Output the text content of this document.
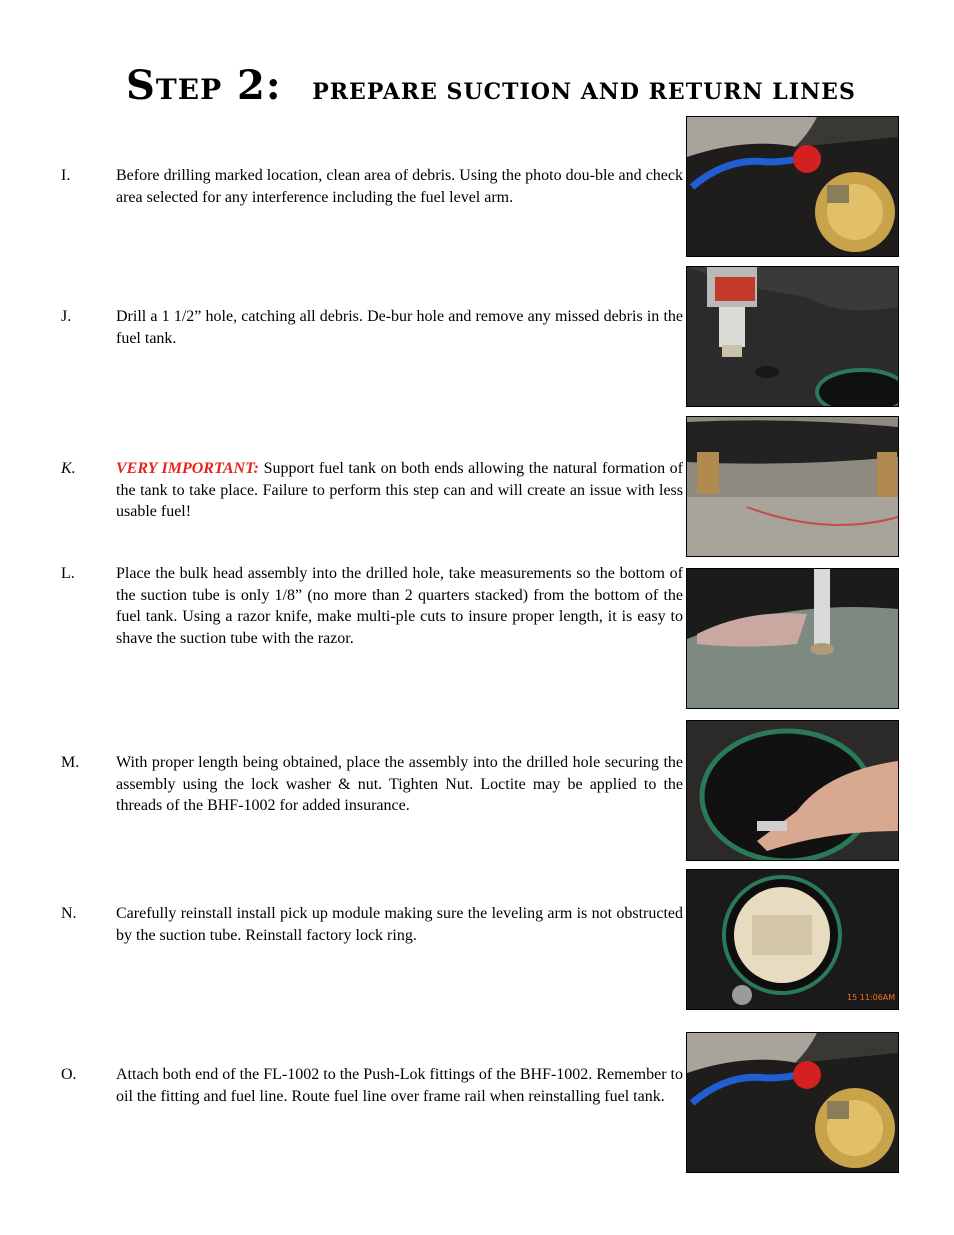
Step 2: PREPARE SUCTION AND RETURN LINES
I.	Before drilling marked location, clean area of debris. Using the photo dou-ble and check area selected for any interference including the fuel level arm.
J.	Drill a 1 1/2” hole, catching all debris. De-bur hole and remove any missed debris in the fuel tank.
K.	VERY IMPORTANT: Support fuel tank on both ends allowing the natural formation of the tank to take place. Failure to perform this step can and will create an issue with less usable fuel!
L.	Place the bulk head assembly into the drilled hole, take measurements so the bottom of the suction tube is only 1/8” (no more than 2 quarters stacked) from the bottom of the fuel tank. Using a razor knife, make multi-ple cuts to insure proper length, it is easy to shave the suction tube with the razor.
M. With proper length being obtained, place the assembly into the drilled hole securing the assembly using the lock washer & nut. Tighten Nut. Loctite may be applied to the threads of the BHF-1002 for added insurance.
N. Carefully reinstall install pick up module making sure the leveling arm is not obstructed by the suction tube. Reinstall factory lock ring.
15 11:06AM
O. Attach both end of the FL-1002 to the Push-Lok fittings of the BHF-1002. Remember to oil the fitting and fuel line. Route fuel line over frame rail when reinstalling fuel tank.
